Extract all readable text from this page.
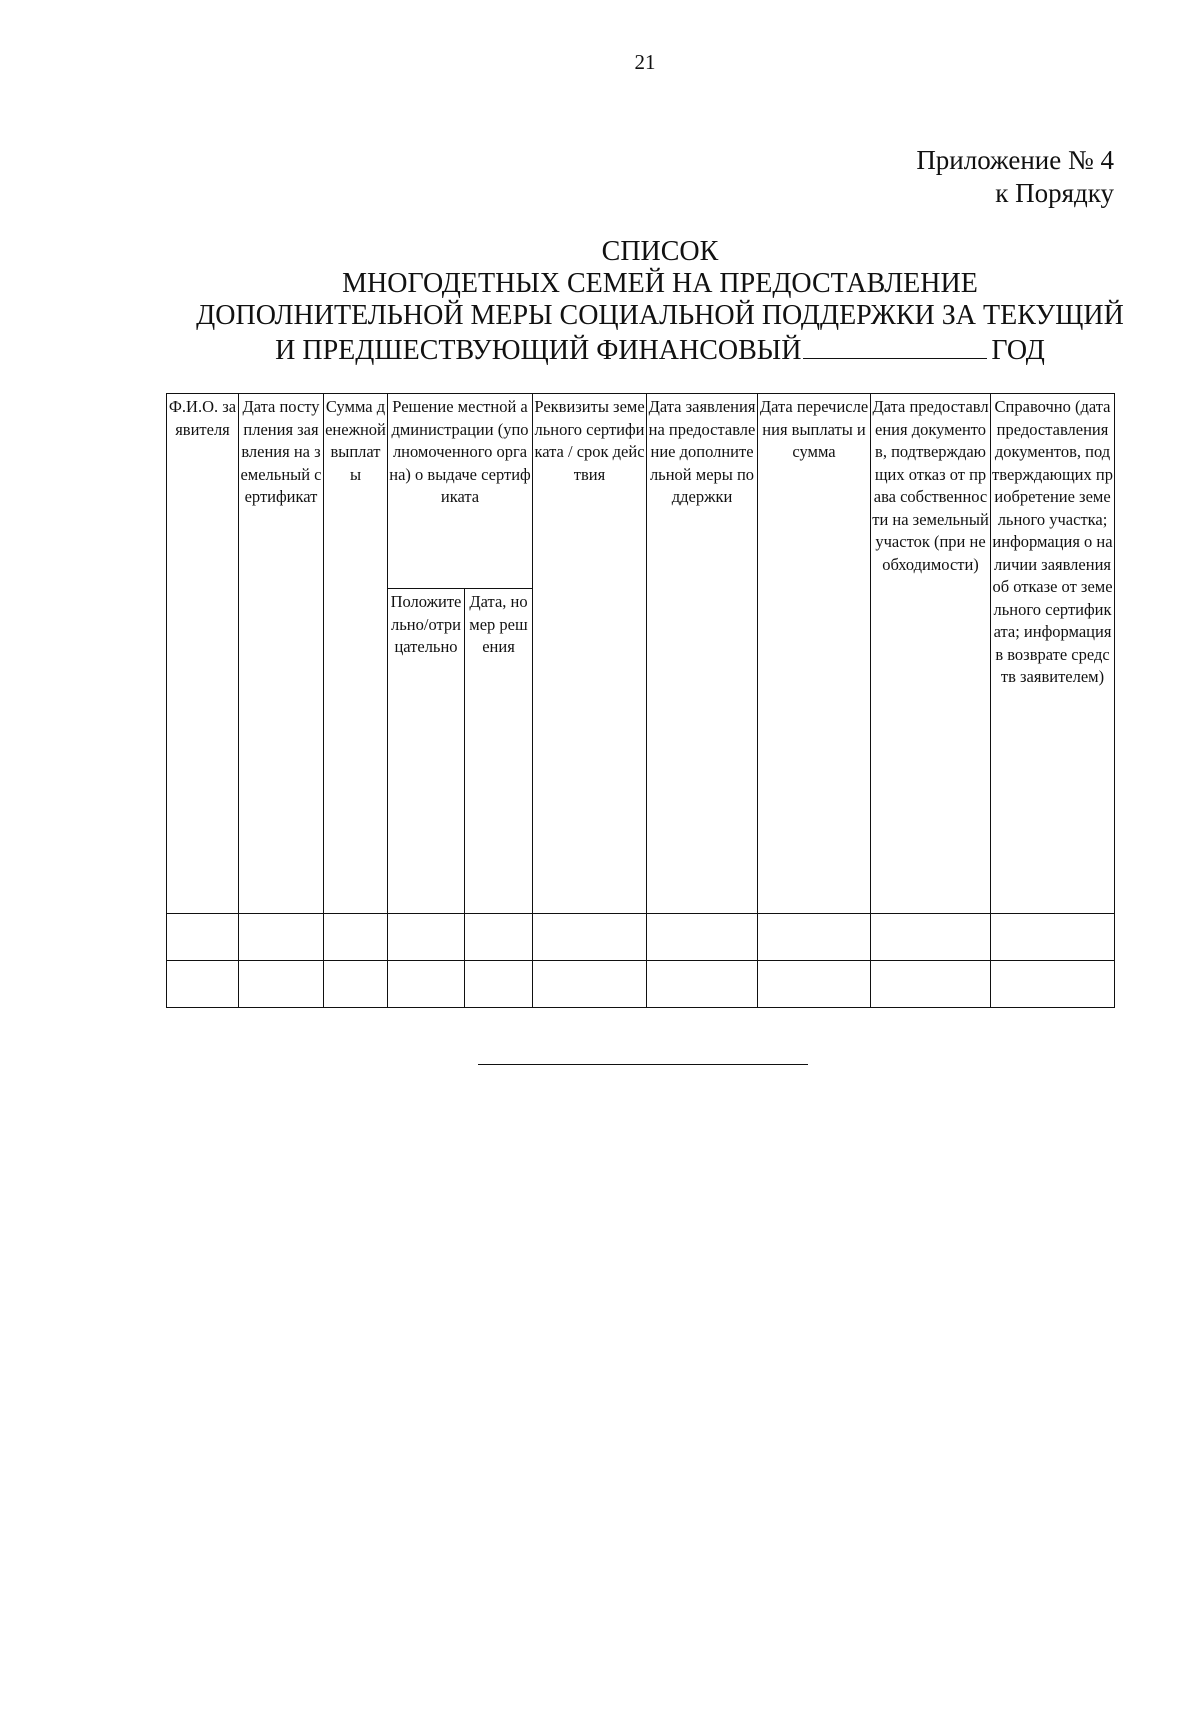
21
Приложение № 4
к Порядку
СПИСОК
МНОГОДЕТНЫХ СЕМЕЙ НА ПРЕДОСТАВЛЕНИЕ
ДОПОЛНИТЕЛЬНОЙ МЕРЫ СОЦИАЛЬНОЙ ПОДДЕРЖКИ ЗА ТЕКУЩИЙ
И ПРЕДШЕСТВУЮЩИЙ ФИНАНСОВЫЙ	ГОД
Ф.И.О. заявителя	Дата поступления заявления на земельный сертификат	Сумма денежной выплаты	Решение местной администрации (уполномоченного органа) о выдаче сертификата		Реквизиты земельного сертификата / срок действия	Дата заявления на предоставление дополнительной меры поддержки	Дата перечисления выплаты и сумма	Дата предоставления документов, подтверждающих отказ от права собственности на земельный участок (при необходимости)	Справочно (дата предоставления документов, подтверждающих приобретение земельного участка; информация о наличии заявления об отказе от земельного сертификата; информация в возврате средств заявителем)
			Положительно/отрицательно	Дата, номер решения					
